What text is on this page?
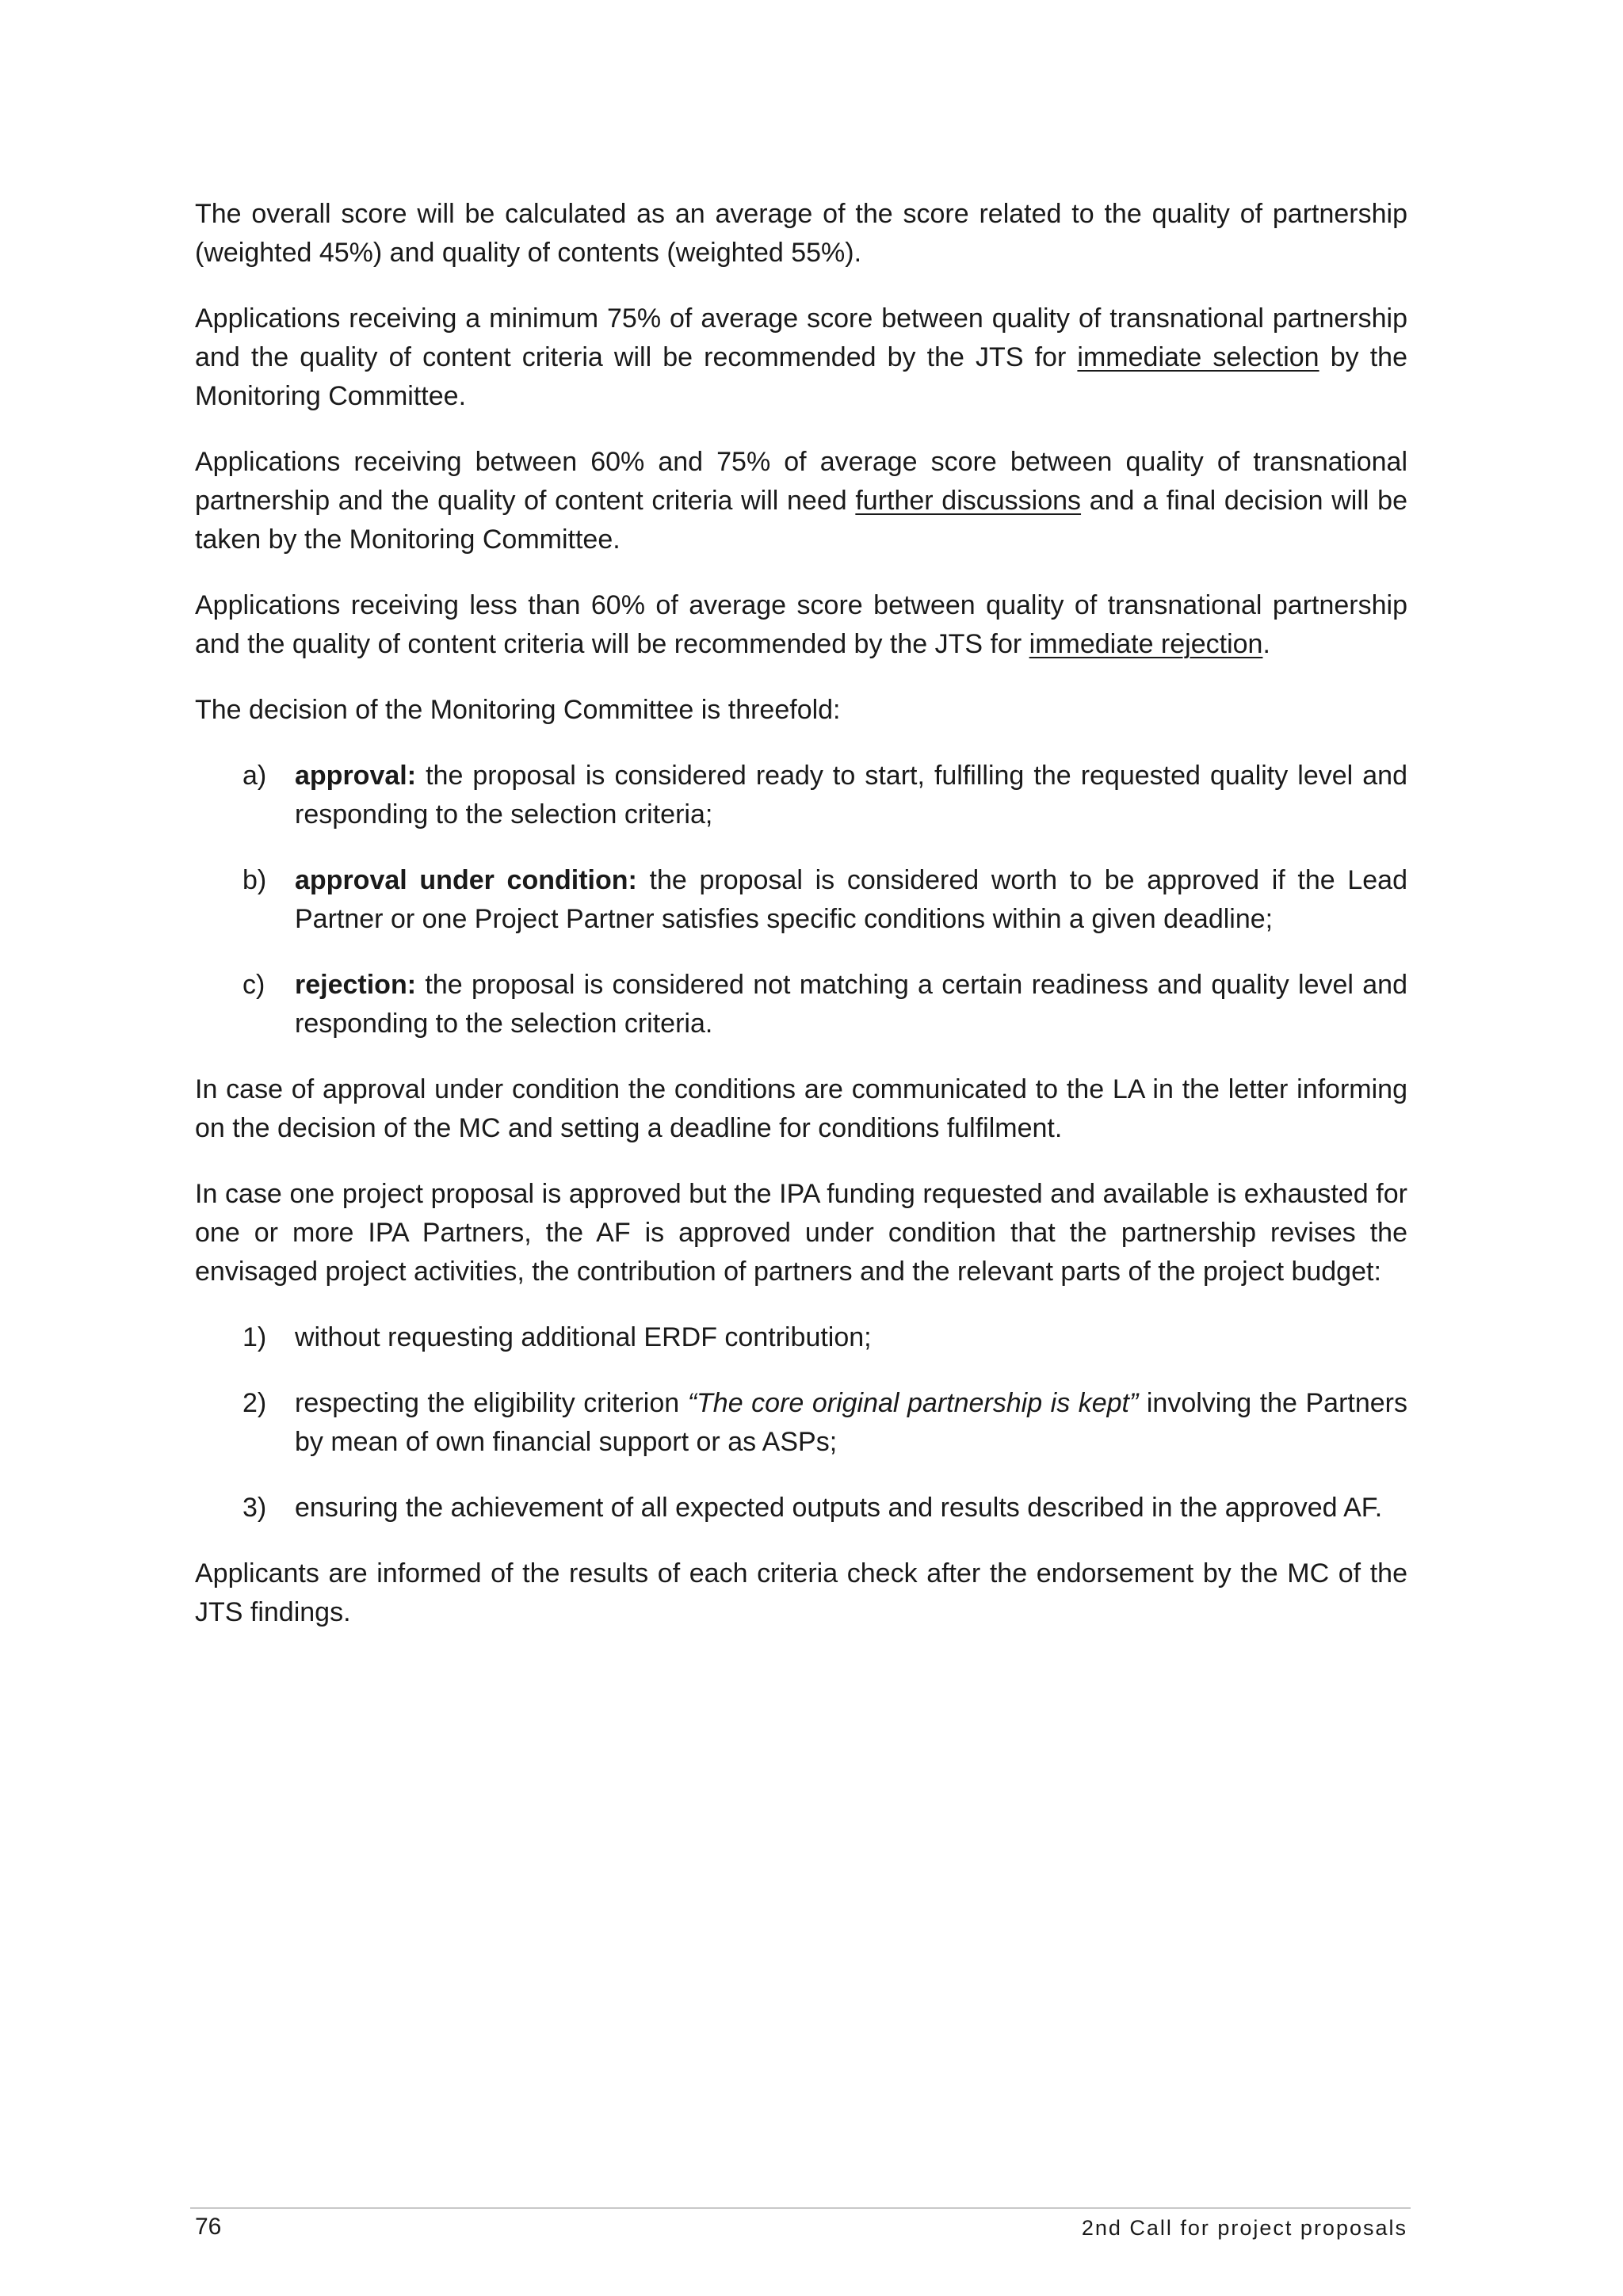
The overall score will be calculated as an average of the score related to the quality of partnership (weighted 45%) and quality of contents (weighted 55%).

Applications receiving a minimum 75% of average score between quality of transnational partnership and the quality of content criteria will be recommended by the JTS for immediate selection by the Monitoring Committee.

Applications receiving between 60% and 75% of average score between quality of transnational partnership and the quality of content criteria will need further discussions and a final decision will be taken by the Monitoring Committee.

Applications receiving less than 60% of average score between quality of transnational partnership and the quality of content criteria will be recommended by the JTS for immediate rejection.

The decision of the Monitoring Committee is threefold:

a) approval: the proposal is considered ready to start, fulfilling the requested quality level and responding to the selection criteria;
b) approval under condition: the proposal is considered worth to be approved if the Lead Partner or one Project Partner satisfies specific conditions within a given deadline;
c) rejection: the proposal is considered not matching a certain readiness and quality level and responding to the selection criteria.

In case of approval under condition the conditions are communicated to the LA in the letter informing on the decision of the MC and setting a deadline for conditions fulfilment.

In case one project proposal is approved but the IPA funding requested and available is exhausted for one or more IPA Partners, the AF is approved under condition that the partnership revises the envisaged project activities, the contribution of partners and the relevant parts of the project budget:

1) without requesting additional ERDF contribution;
2) respecting the eligibility criterion “The core original partnership is kept” involving the Partners by mean of own financial support or as ASPs;
3) ensuring the achievement of all expected outputs and results described in the approved AF.

Applicants are informed of the results of each criteria check after the endorsement by the MC of the JTS findings.

76	2nd Call for project proposals
